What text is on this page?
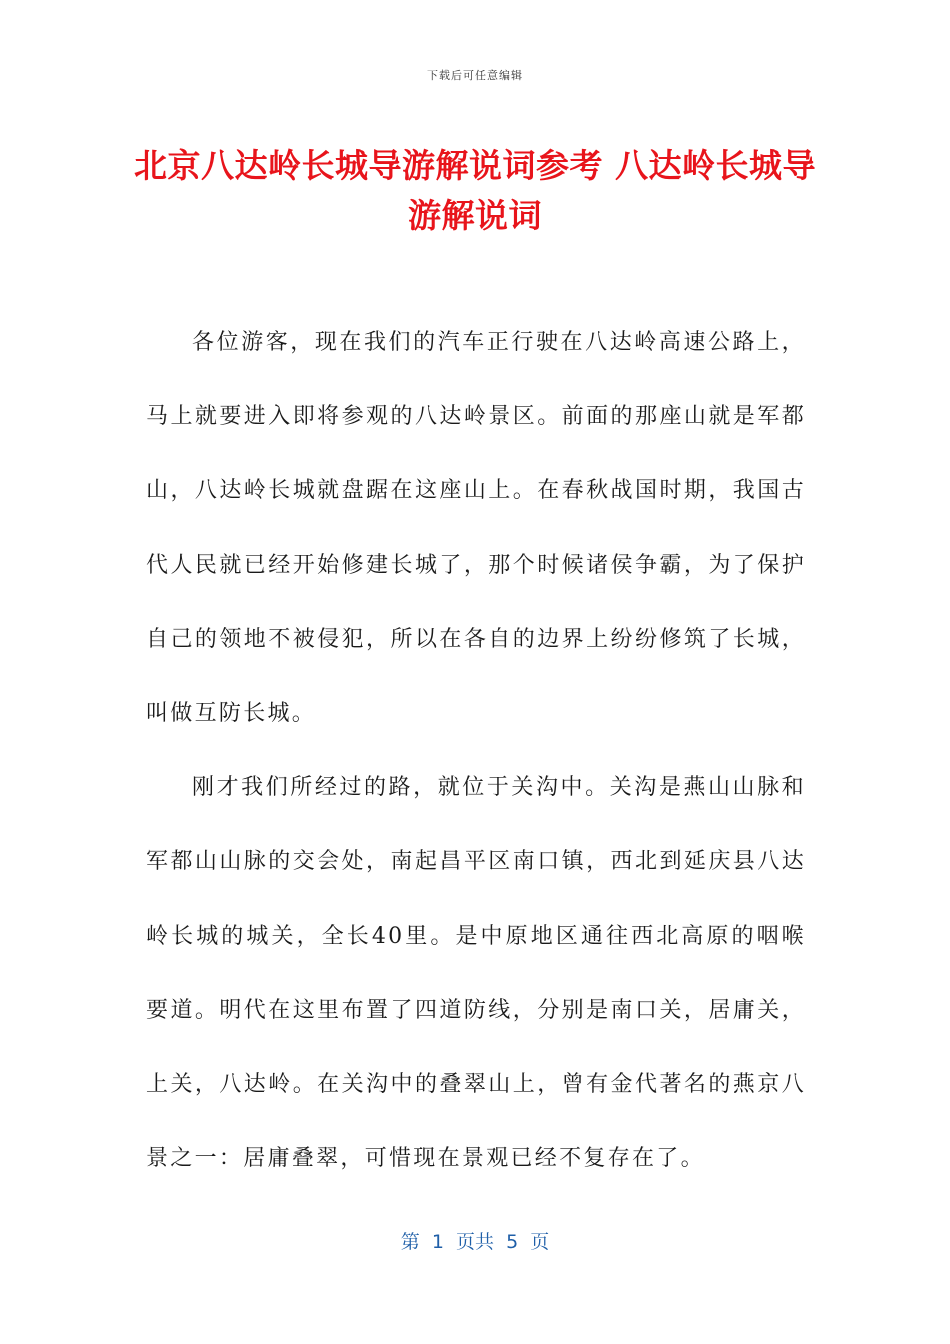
下载后可任意编辑
北京八达岭长城导游解说词参考 八达岭长城导游解说词

各位游客，现在我们的汽车正行驶在八达岭高速公路上，马上就要进入即将参观的八达岭景区。前面的那座山就是军都山，八达岭长城就盘踞在这座山上。在春秋战国时期，我国古代人民就已经开始修建长城了，那个时候诸侯争霸，为了保护自己的领地不被侵犯，所以在各自的边界上纷纷修筑了长城，叫做互防长城。

刚才我们所经过的路，就位于关沟中。关沟是燕山山脉和军都山山脉的交会处，南起昌平区南口镇，西北到延庆县八达岭长城的城关，全长40里。是中原地区通往西北高原的咽喉要道。明代在这里布置了四道防线，分别是南口关，居庸关，上关，八达岭。在关沟中的叠翠山上，曾有金代著名的燕京八景之一：居庸叠翠，可惜现在景观已经不复存在了。

第  1  页共  5  页
